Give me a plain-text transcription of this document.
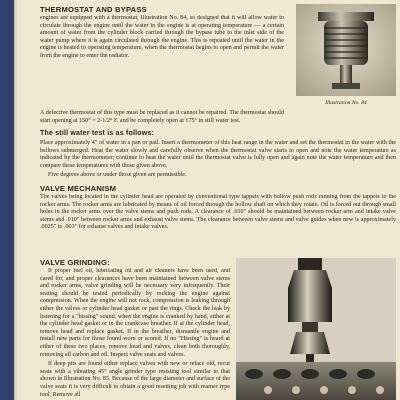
THERMOSTAT AND BYPASS
engines are equipped with a thermostat, Illustration No. 84, so designed that it will allow water to circulate through the engine until the water in the engine is at operating temperature — a certain amount of water from the cylinder block carried through the bypass tube to the inlet side of the water pump where it is again circulated through the engine. This is repeated until the water in the engine is heated to operating temperature, when the thermostat begins to open and permit the water from the engine to enter the radiator.
Illustration No. 84
A defective thermostat of this type must be replaced as it cannot be repaired. The thermostat should start opening at 150° + 2-1/2° F. and be completely open at 175° in still water test.
The still water test is as follows:
Place approximately 4" of water in a pan or pail. Insert a thermometer of this heat range in the water and set the thermostat in the water with the bellows submerged. Heat the water slowly and carefully observe when the thermostat valve starts to open and note the water temperature as indicated by the thermometer; continue to heat the water until the thermostat valve is fully open and again note the water temperature and then compare these temperatures with those given above.
Five degrees above or under those given are permissible.
VALVE MECHANISM
The valves being located in the cylinder head are operated by conventional type tappets with hollow push rods running from the tappets to the rocker arms. The rocker arms are lubricated by means of oil forced through the hollow shaft on which they rotate. Oil is forced out through small holes in the rocker arms over the valve stems and push rods. A clearance of .010" should be maintained between rocker arm and intake valve stems and .010" between rocker arms and exhaust valve stems. The clearance between valve stems and valve guides when new is approximately .0025" to .003" for exhaust valves and intake valves.
VALVE GRINDING:

If proper fuel oil, lubricating oil and air cleaners have been used, and cared for, and proper clearances have been maintained between valve stems and rocker arms, valve grinding will be necessary very infrequently. Their seating should be tested periodically by rocking the engine against compression. When the engine will not rock, compression is leaking through either the valves or cylinder head gasket or past the rings. Check the leak by listening for a "hissing" sound, when the engine is cranked by hand, either at the cylinder head gasket or in the crankcase breather. If at the cylinder head, remove head and replace gasket. If in the breather, dismantle engine and install new parts for those found worn or scored. If no "Hissing" is heard at either of these two places, remove head and valves, clean both thoroughly, removing all carbon and oil. Inspect valve seats and valves.

If deep pits are found either replace valves with new or reface old, recut seats with a vibrating 45° angle grinder type resisting tool similar to that shown in Illustration No. 85. Because of the large diameter and surface of the valve seats it is very difficult to obtain a good resetting job with reamer type tool. Remove all
